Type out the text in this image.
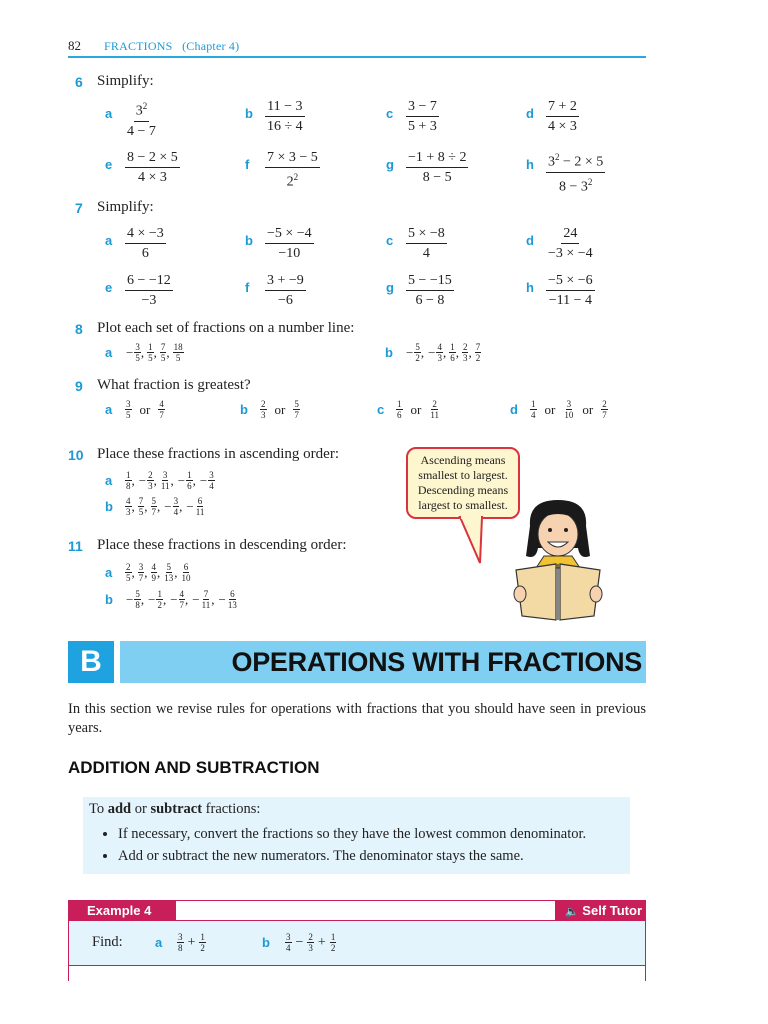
82 FRACTIONS (Chapter 4)
6 Simplify:
a $\frac{3^2}{4 - 7}$	b $\frac{11 - 3}{16 \div 4}$	c $\frac{3 - 7}{5 + 3}$	d $\frac{7 + 2}{4 \times 3}$
e $\frac{8 - 2 \times 5}{4 \times 3}$	f $\frac{7 \times 3 - 5}{2^2}$	g $\frac{-1 + 8 \div 2}{8 - 5}$	h $\frac{3^2 - 2 \times 5}{8 - 3^2}$
7 Simplify:
a $\frac{4 \times -3}{6}$	b $\frac{-5 \times -4}{-10}$	c $\frac{5 \times -8}{4}$	d $\frac{24}{-3 \times -4}$
e $\frac{6 - -12}{-3}$	f $\frac{3 + -9}{-6}$	g $\frac{5 - -15}{6 - 8}$	h $\frac{-5 \times -6}{-11 - 4}$
8 Plot each set of fractions on a number line:
$a - \frac{3}{5}$ , $\frac{1}{5}$ , $\frac{7}{5}$ , $\frac{18}{5}$	$b - \frac{5}{2}$ , − $\frac{4}{3}$ , $\frac{1}{6}$ , $\frac{2}{3}$ , $\frac{7}{2}$
9 What fraction is greatest?
a $\frac{3}{5}$ or $\frac{4}{7}$	b $\frac{2}{3}$ or $\frac{5}{7}$	c $\frac{1}{6}$ or $\frac{2}{11}$	d $\frac{1}{4}$ or $\frac{3}{10}$ or $\frac{2}{7}$
10 Place these fractions in ascending order:
a $\frac{1}{8}$ , − $\frac{2}{3}$ , $\frac{3}{11}$ , − $\frac{1}{6}$ , − $\frac{3}{4}$
b $\frac{4}{3}$ , $\frac{7}{5}$ , $\frac{5}{7}$ , − $\frac{3}{4}$ , − $\frac{6}{11}$
11 Place these fractions in descending order:
a $\frac{2}{5}$ , $\frac{3}{7}$ , $\frac{4}{9}$ , $\frac{5}{13}$ , $\frac{6}{10}$
$b - \frac{5}{8}$ , − $\frac{1}{2}$ , − $\frac{4}{7}$ , − $\frac{7}{11}$ , − $\frac{6}{13}$
Ascending means
smallest to largest.
Descending means
largest to smallest.
B	OPERATIONS WITH FRACTIONS
In this section we revise rules for operations with fractions that you should have seen in previous years.
ADDITION AND SUBTRACTION
To add or subtract fractions:
• If necessary, convert the fractions so they have the lowest common denominator.
• Add or subtract the new numerators. The denominator stays the same.
Example 4	🔈 Self Tutor
Find: a $\frac{3}{8} + \frac{1}{2}$	b $\frac{3}{4} - \frac{2}{3} + \frac{1}{2}$
